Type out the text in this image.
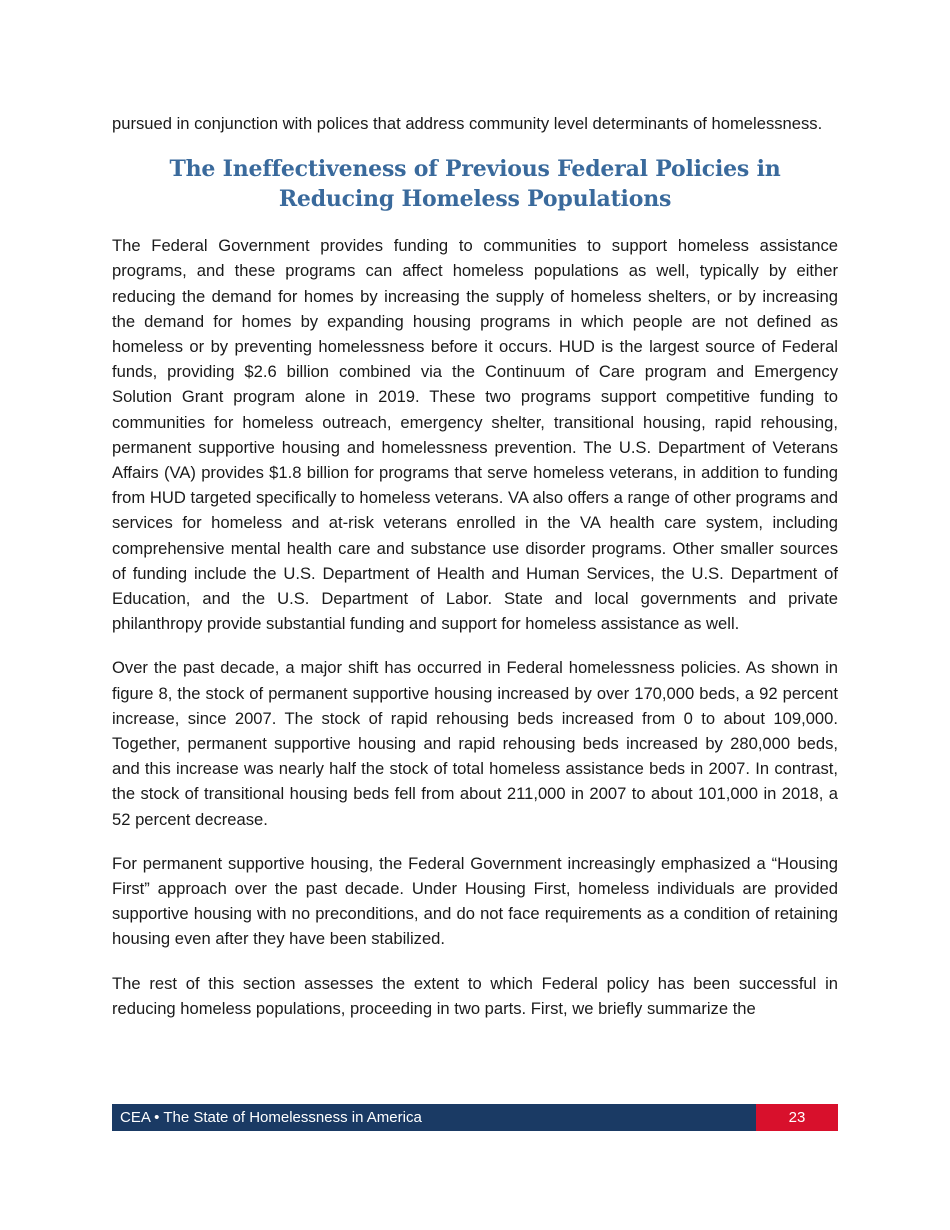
pursued in conjunction with polices that address community level determinants of homelessness.

The Ineffectiveness of Previous Federal Policies in Reducing Homeless Populations

The Federal Government provides funding to communities to support homeless assistance programs, and these programs can affect homeless populations as well, typically by either reducing the demand for homes by increasing the supply of homeless shelters, or by increasing the demand for homes by expanding housing programs in which people are not defined as homeless or by preventing homelessness before it occurs. HUD is the largest source of Federal funds, providing $2.6 billion combined via the Continuum of Care program and Emergency Solution Grant program alone in 2019. These two programs support competitive funding to communities for homeless outreach, emergency shelter, transitional housing, rapid rehousing, permanent supportive housing and homelessness prevention. The U.S. Department of Veterans Affairs (VA) provides $1.8 billion for programs that serve homeless veterans, in addition to funding from HUD targeted specifically to homeless veterans. VA also offers a range of other programs and services for homeless and at-risk veterans enrolled in the VA health care system, including comprehensive mental health care and substance use disorder programs. Other smaller sources of funding include the U.S. Department of Health and Human Services, the U.S. Department of Education, and the U.S. Department of Labor. State and local governments and private philanthropy provide substantial funding and support for homeless assistance as well.

Over the past decade, a major shift has occurred in Federal homelessness policies. As shown in figure 8, the stock of permanent supportive housing increased by over 170,000 beds, a 92 percent increase, since 2007. The stock of rapid rehousing beds increased from 0 to about 109,000. Together, permanent supportive housing and rapid rehousing beds increased by 280,000 beds, and this increase was nearly half the stock of total homeless assistance beds in 2007. In contrast, the stock of transitional housing beds fell from about 211,000 in 2007 to about 101,000 in 2018, a 52 percent decrease.

For permanent supportive housing, the Federal Government increasingly emphasized a “Housing First” approach over the past decade. Under Housing First, homeless individuals are provided supportive housing with no preconditions, and do not face requirements as a condition of retaining housing even after they have been stabilized.

The rest of this section assesses the extent to which Federal policy has been successful in reducing homeless populations, proceeding in two parts. First, we briefly summarize the

CEA • The State of Homelessness in America	23
